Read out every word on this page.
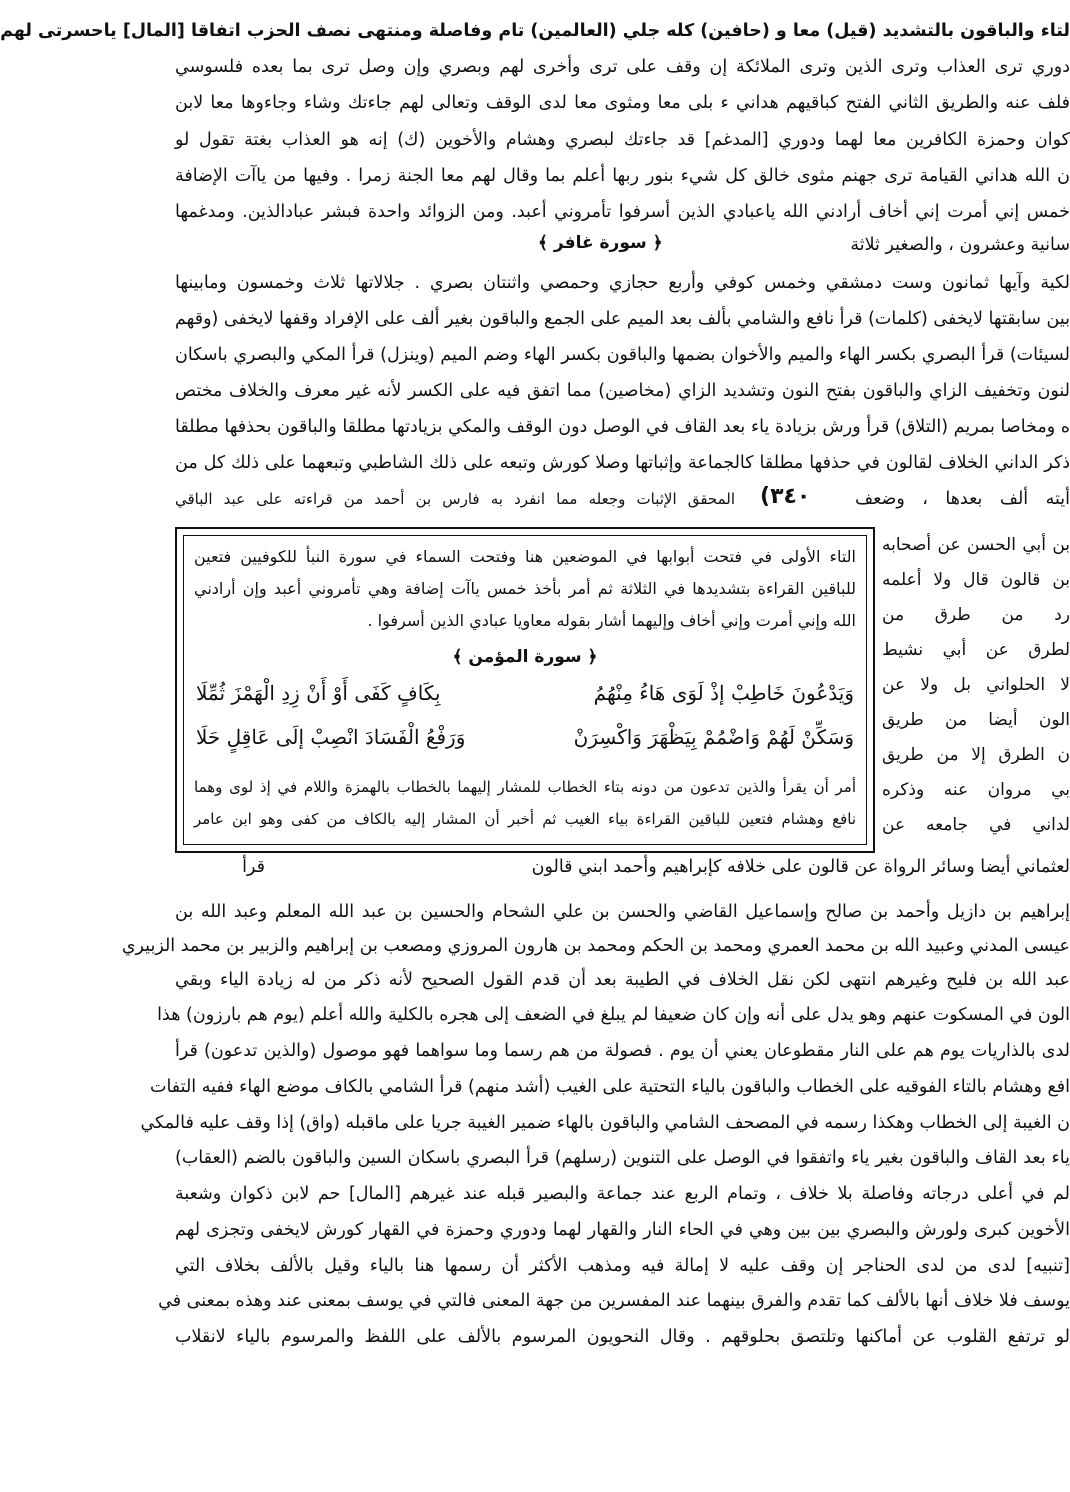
لتاء والباقون بالتشديد (قيل) معا و (حافين) كله جلي (العالمين) تام وفاصلة ومنتهى نصف الحزب اتفاقا [المال] ياحسرتى لهم
دوري ترى العذاب وترى الذين وترى الملائكة إن وقف على ترى وأخرى لهم وبصري وإن وصل ترى بما بعده فلسوسي
فلف عنه والطريق الثاني الفتح كباقيهم هداني ء بلى معا ومثوى معا لدى الوقف وتعالى لهم جاءتك وشاء وجاءوها معا لابن
كوان وحمزة الكافرين معا لهما ودوري [المدغم] قد جاءتك لبصري وهشام والأخوين (ك) إنه هو العذاب بغتة تقول لو
ن الله هداني القيامة ترى جهنم مثوى خالق كل شيء بنور ربها أعلم بما وقال لهم معا الجنة زمرا . وفيها من ياآت الإضافة
خمس إني أمرت إني أخاف أرادني الله ياعبادي الذين أسرفوا تأمروني أعبد. ومن الزوائد واحدة فبشر عبادالذين. ومدغمها
سانية وعشرون ، والصغير ثلاثة
﴿ سورة غافر ﴾
لكية وآيها ثمانون وست دمشقي وخمس كوفي وأربع حجازي وحمصي واثنتان بصري . جلالاتها ثلاث وخمسون ومابينها
بين سابقتها لايخفى (كلمات) قرأ نافع والشامي بألف بعد الميم على الجمع والباقون بغير ألف على الإفراد وقفها لايخفى (وقهم
لسيئات) قرأ البصري بكسر الهاء والميم والأخوان بضمها والباقون بكسر الهاء وضم الميم (وينزل) قرأ المكي والبصري باسكان
لنون وتخفيف الزاي والباقون بفتح النون وتشديد الزاي (مخاصين) مما اتفق فيه على الكسر لأنه غير معرف والخلاف مختص
ه ومخاصا بمريم (التلاق) قرأ ورش بزيادة ياء بعد القاف في الوصل دون الوقف والمكي بزيادتها مطلقا والباقون بحذفها مطلقا
ذكر الداني الخلاف لقالون في حذفها مطلقا كالجماعة وإثباتها وصلا كورش وتبعه على ذلك الشاطبي وتبعهما على ذلك كل من
أيته ألف بعدها ، وضعف
(٣٤٠
المحقق الإثبات وجعله مما انفرد به فارس بن أحمد من قراءته على عبد الباقي
التاء الأولى في فتحت أبوابها في الموضعين هنا وفتحت السماء في سورة النبأ للكوفيين فتعين
للباقين القراءة بتشديدها في الثلاثة ثم أمر بأخذ خمس ياآت إضافة وهي تأمروني أعبد وإن أرادني
الله وإني أمرت وإني أخاف وإليهما أشار بقوله معاويا عبادي الذين أسرفوا .
﴿ سورة المؤمن ﴾
وَيَدْعُونَ خَاطِبْ إذْ لَوَى هَاءُ مِنْهُمُ
بِكَافٍ كَفَى أَوْ أَنْ زِدِ الْهَمْزَ ثُمِّلَا
وَسَكِّنْ لَهُمْ وَاضْمُمْ بِيَظْهَرَ وَاكْسِرَنْ
وَرَفْعُ الْفَسَادَ انْصِبْ إلَى عَاقِلٍ حَلَا
أمر أن يقرأ والذين تدعون من دونه بتاء الخطاب للمشار إليهما بالخطاب بالهمزة واللام في إذ لوى وهما
نافع وهشام فتعين للباقين القراءة بياء الغيب ثم أخبر أن المشار إليه بالكاف من كفى وهو ابن عامر
بن أبي الحسن عن أصحابه
بن قالون قال ولا أعلمه
رد من طرق من
لطرق عن أبي نشيط
لا الحلواني بل ولا عن
الون أيضا من طريق
ن الطرق إلا من طريق
بي مروان عنه وذكره
لداني في جامعه عن
لعثماني أيضا وسائر الرواة عن قالون على خلافه كإبراهيم وأحمد ابني قالون
قرأ
إبراهيم بن دازيل وأحمد بن صالح وإسماعيل القاضي والحسن بن علي الشحام والحسين بن عبد الله المعلم وعبد الله بن
عيسى المدني وعبيد الله بن محمد العمري ومحمد بن الحكم ومحمد بن هارون المروزي ومصعب بن إبراهيم والزبير بن محمد الزبيري
عبد الله بن فليح وغيرهم انتهى لكن نقل الخلاف في الطيبة بعد أن قدم القول الصحيح لأنه ذكر من له زيادة الياء وبقي
الون في المسكوت عنهم وهو يدل على أنه وإن كان ضعيفا لم يبلغ في الضعف إلى هجره بالكلية والله أعلم (يوم هم بارزون) هذا
لدى بالذاريات يوم هم على النار مقطوعان يعني أن يوم . فصولة من هم رسما وما سواهما فهو موصول (والذين تدعون) قرأ
افع وهشام بالتاء الفوقيه على الخطاب والباقون بالياء التحتية على الغيب (أشد منهم) قرأ الشامي بالكاف موضع الهاء ففيه التفات
ن الغيبة إلى الخطاب وهكذا رسمه في المصحف الشامي والباقون بالهاء ضمير الغيبة جريا على ماقبله (واق) إذا وقف عليه فالمكي
ياء بعد القاف والباقون بغير ياء واتفقوا في الوصل على التنوين (رسلهم) قرأ البصري باسكان السين والباقون بالضم (العقاب)
لم في أعلى درجاته وفاصلة بلا خلاف ، وتمام الربع عند جماعة والبصير قبله عند غيرهم [المال] حم لابن ذكوان وشعبة
الأخوين كبرى ولورش والبصري بين بين وهي في الحاء النار والقهار لهما ودوري وحمزة في القهار كورش لايخفى وتجزى لهم
[تنبيه] لدى من لدى الحناجر إن وقف عليه لا إمالة فيه ومذهب الأكثر أن رسمها هنا بالياء وقيل بالألف بخلاف التي
يوسف فلا خلاف أنها بالألف كما تقدم والفرق بينهما عند المفسرين من جهة المعنى فالتي في يوسف بمعنى عند وهذه بمعنى في
لو ترتفع القلوب عن أماكنها وتلتصق بحلوقهم . وقال النحويون المرسوم بالألف على اللفظ والمرسوم بالياء لانقلاب
